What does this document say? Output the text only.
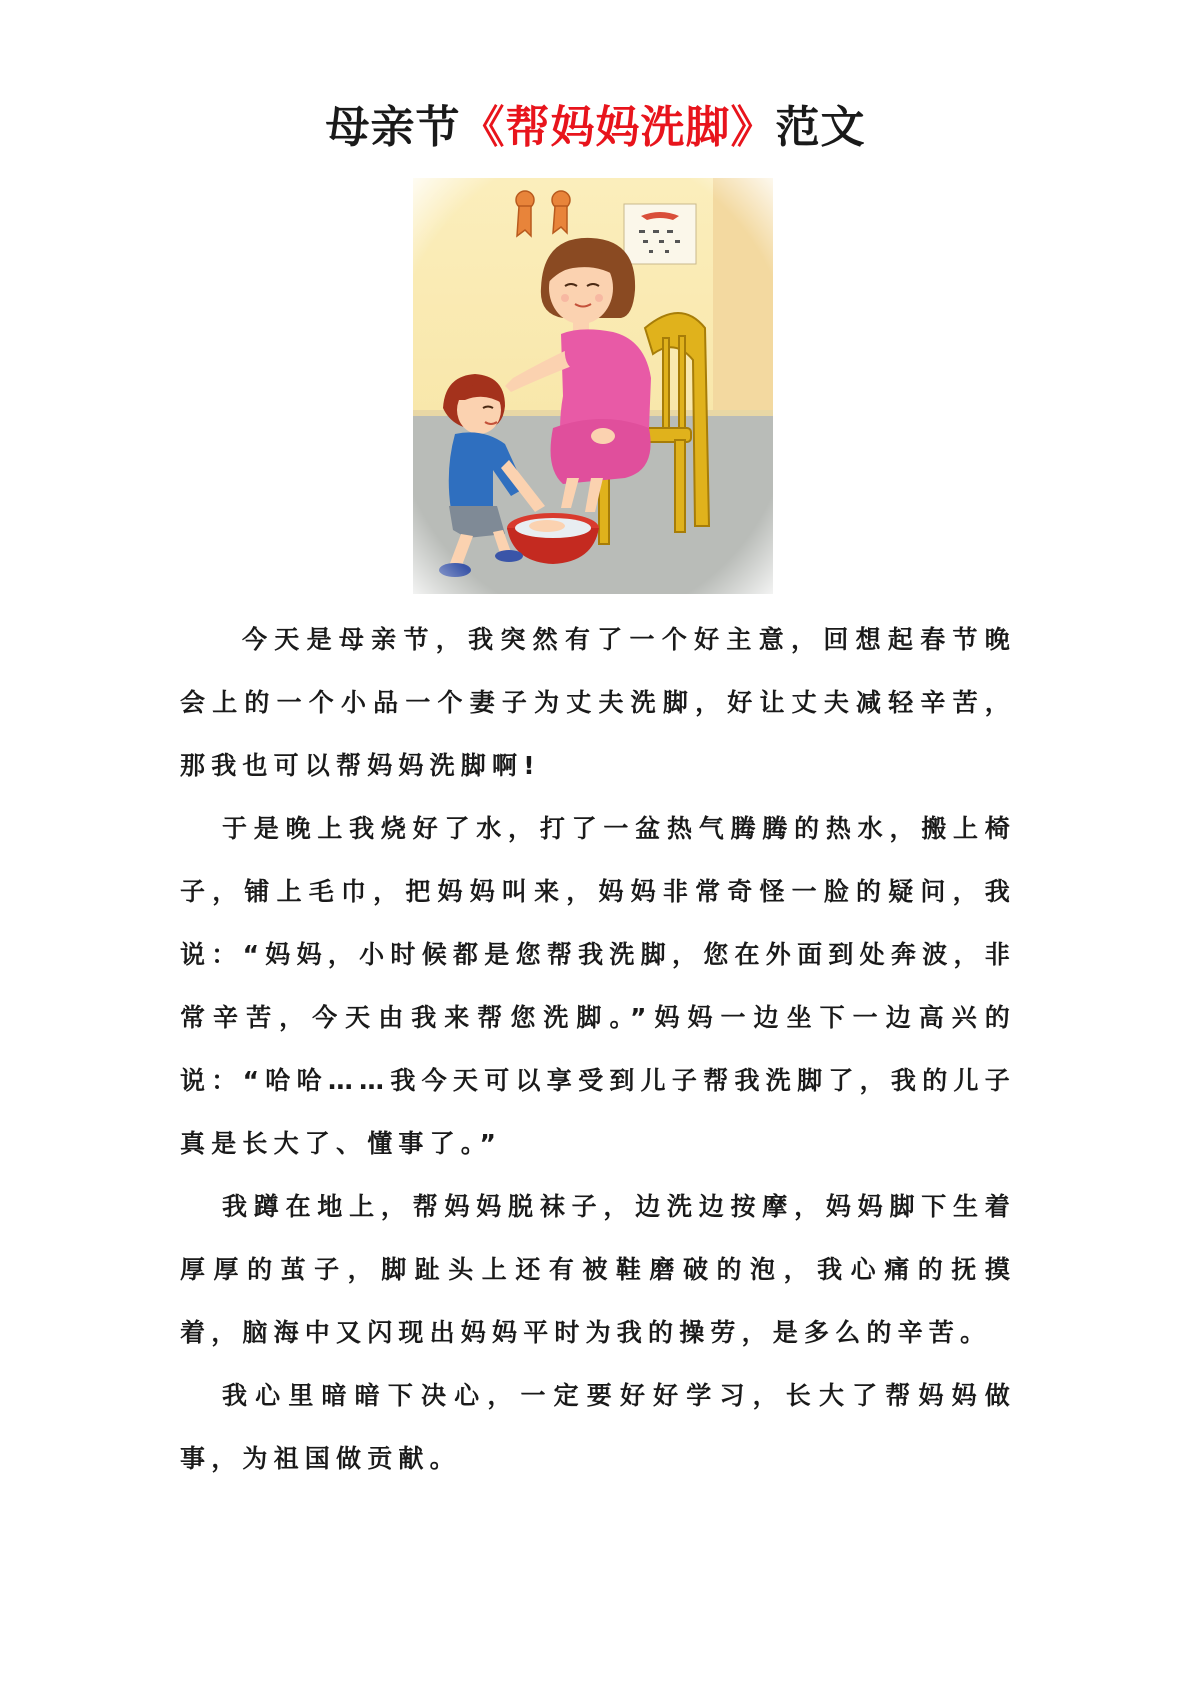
母亲节《帮妈妈洗脚》范文

今天是母亲节，我突然有了一个好主意，回想起春节晚会上的一个小品一个妻子为丈夫洗脚，好让丈夫减轻辛苦，那我也可以帮妈妈洗脚啊!

于是晚上我烧好了水，打了一盆热气腾腾的热水，搬上椅子，铺上毛巾，把妈妈叫来，妈妈非常奇怪一脸的疑问，我说：“妈妈，小时候都是您帮我洗脚，您在外面到处奔波，非常辛苦，今天由我来帮您洗脚。”妈妈一边坐下一边高兴的说：“哈哈……我今天可以享受到儿子帮我洗脚了，我的儿子真是长大了、懂事了。”

我蹲在地上，帮妈妈脱袜子，边洗边按摩，妈妈脚下生着厚厚的茧子，脚趾头上还有被鞋磨破的泡，我心痛的抚摸着，脑海中又闪现出妈妈平时为我的操劳，是多么的辛苦。

我心里暗暗下决心，一定要好好学习，长大了帮妈妈做事，为祖国做贡献。
